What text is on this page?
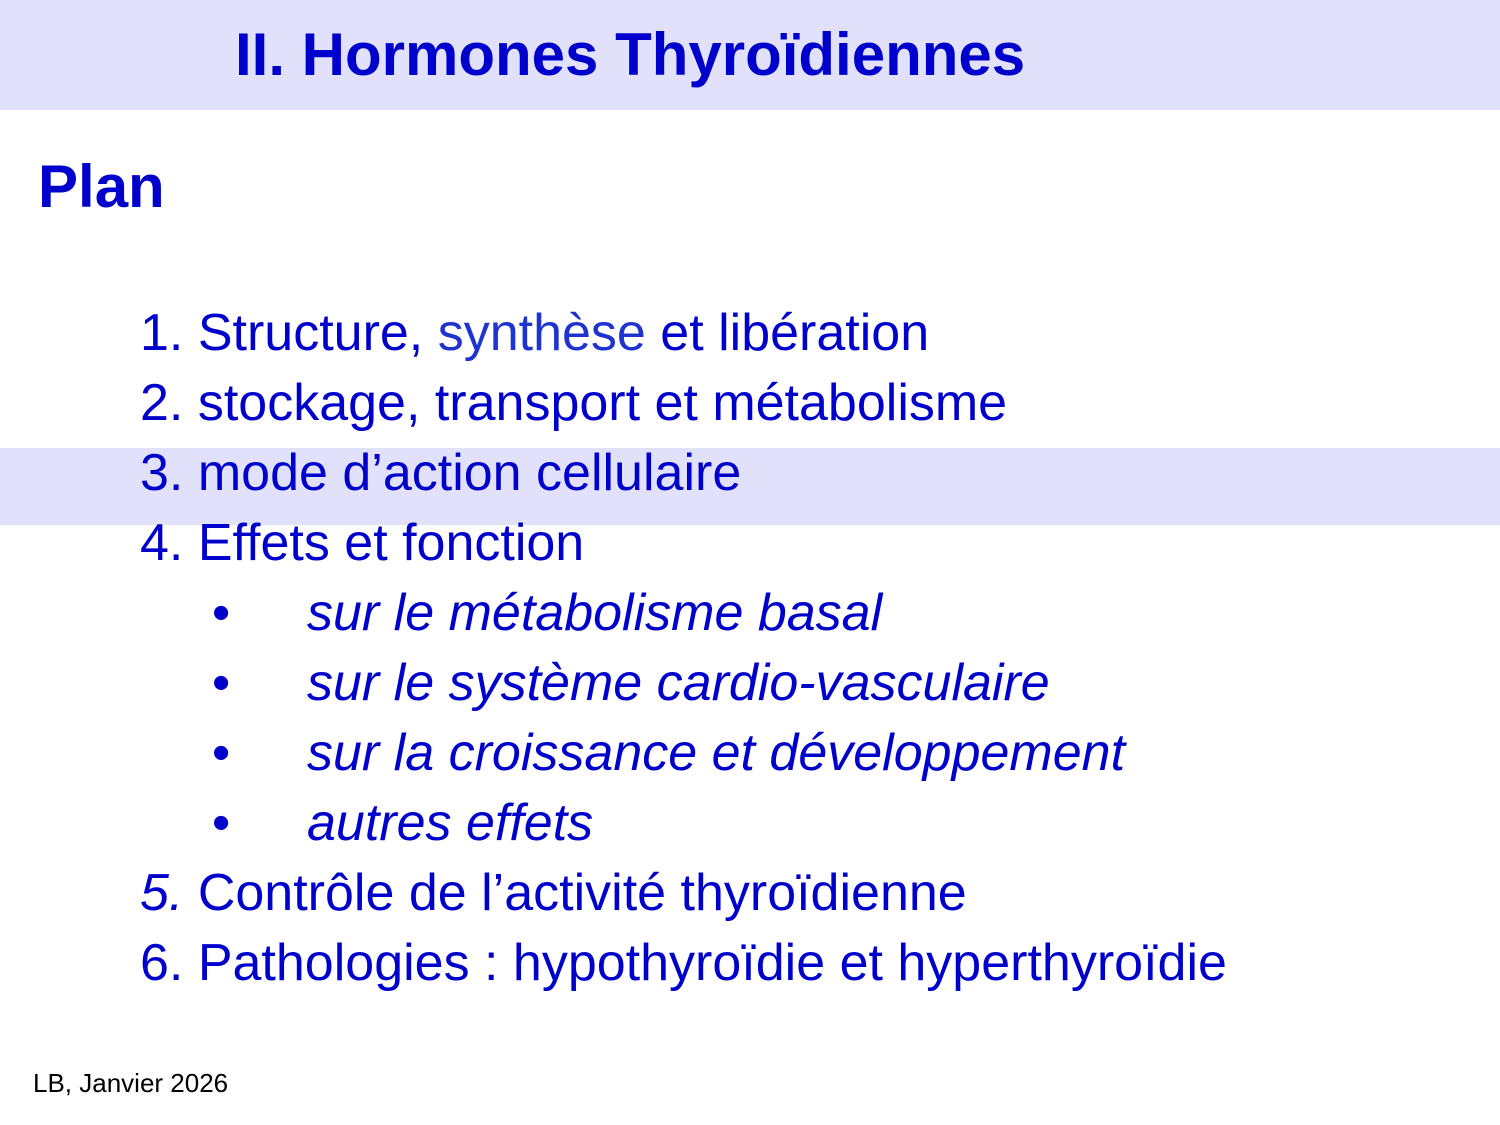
II. Hormones Thyroïdiennes
Plan
1. Structure, synthèse et libération
2. stockage, transport et métabolisme
3. mode d’action cellulaire
4. Effets et fonction
• sur le métabolisme basal
• sur le système cardio-vasculaire
• sur la croissance et développement
• autres effets
5. Contrôle de l’activité thyroïdienne
6. Pathologies : hypothyroïdie et hyperthyroïdie
LB, Janvier 2026
